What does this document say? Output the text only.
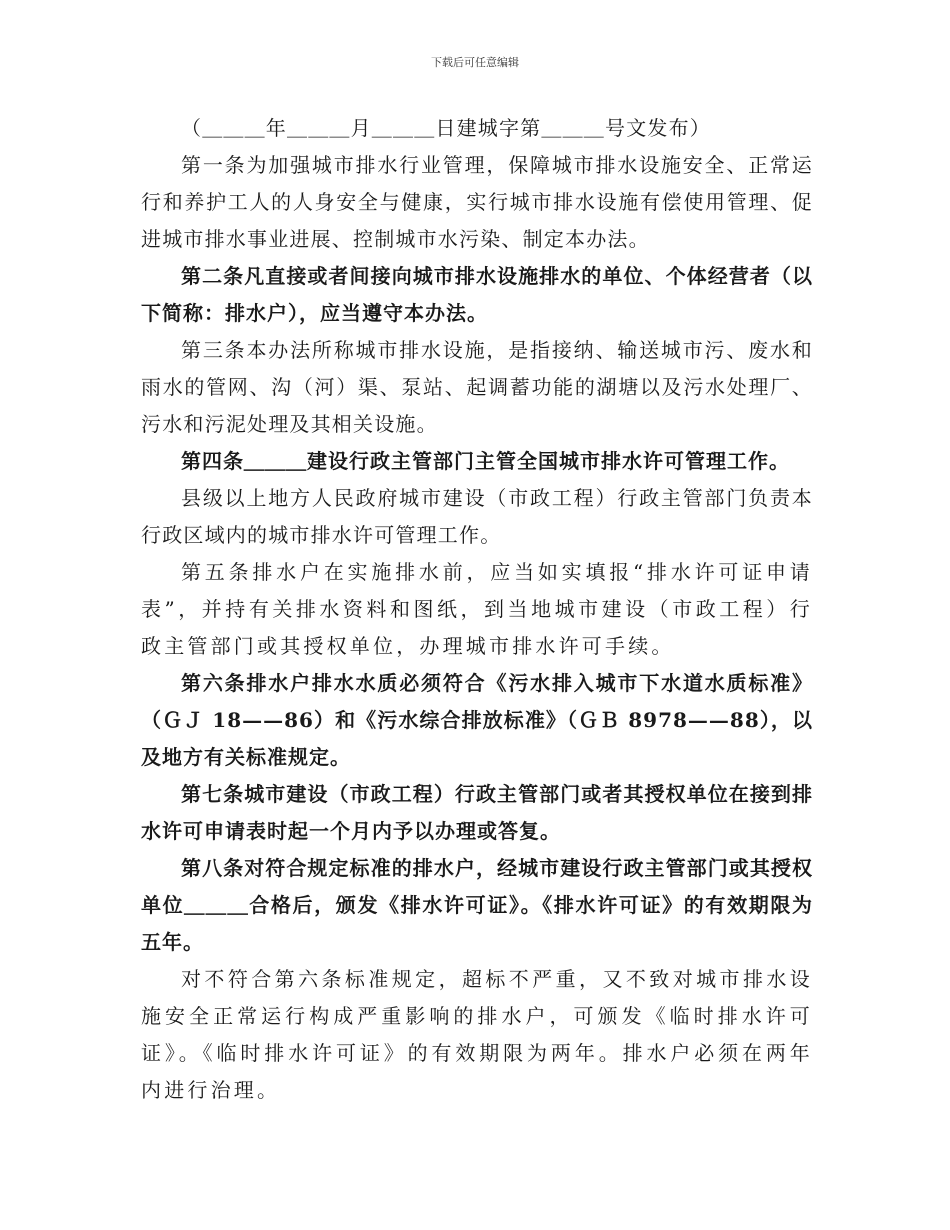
下载后可任意编辑

（＿＿＿年＿＿＿月＿＿＿日建城字第＿＿＿号文发布）

第一条为加强城市排水行业管理，保障城市排水设施安全、正常运行和养护工人的人身安全与健康，实行城市排水设施有偿使用管理、促进城市排水事业进展、控制城市水污染、制定本办法。

第二条凡直接或者间接向城市排水设施排水的单位、个体经营者（以下简称：排水户），应当遵守本办法。

第三条本办法所称城市排水设施，是指接纳、输送城市污、废水和雨水的管网、沟（河）渠、泵站、起调蓄功能的湖塘以及污水处理厂、污水和污泥处理及其相关设施。

第四条＿＿＿建设行政主管部门主管全国城市排水许可管理工作。

县级以上地方人民政府城市建设（市政工程）行政主管部门负责本行政区域内的城市排水许可管理工作。

第五条排水户在实施排水前，应当如实填报“排水许可证申请表”，并持有关排水资料和图纸，到当地城市建设（市政工程）行政主管部门或其授权单位，办理城市排水许可手续。

第六条排水户排水水质必须符合《污水排入城市下水道水质标准》（ＧＪ 18——86）和《污水综合排放标准》（ＧＢ 8978——88），以及地方有关标准规定。

第七条城市建设（市政工程）行政主管部门或者其授权单位在接到排水许可申请表时起一个月内予以办理或答复。

第八条对符合规定标准的排水户，经城市建设行政主管部门或其授权单位＿＿＿合格后，颁发《排水许可证》。《排水许可证》的有效期限为五年。

对不符合第六条标准规定，超标不严重，又不致对城市排水设施安全正常运行构成严重影响的排水户，可颁发《临时排水许可证》。《临时排水许可证》的有效期限为两年。排水户必须在两年内进行治理。
